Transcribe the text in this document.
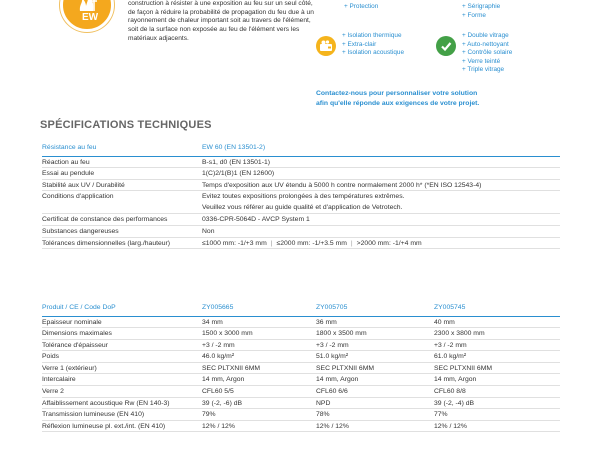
EW
construction à résister à une exposition au feu sur un seul côté, de façon à réduire la probabilité de propagation du feu due à un rayonnement de chaleur important soit au travers de l'élément, soit de la surface non exposée au feu de l'élément vers les matériaux adjacents.
+ Protection	+ Sérigraphie
+ Forme
+ Isolation thermique
+ Extra-clair
+ Isolation acoustique
+ Double vitrage
+ Auto-nettoyant
+ Contrôle solaire
+ Verre teinté
+ Triple vitrage
Contactez-nous pour personnaliser votre solution
afin qu'elle réponde aux exigences de votre projet.
SPÉCIFICATIONS TECHNIQUES
Résistance au feu	EW 60 (EN 13501-2)
Réaction au feu	B-s1, d0 (EN 13501-1)
Essai au pendule	1(C)2/1(B)1 (EN 12600)
Stabilité aux UV / Durabilité	Temps d'exposition aux UV étendu à 5000 h contre normalement 2000 h* (*EN ISO 12543-4)
Conditions d'application	Evitez toutes expositions prolongées à des températures extrêmes.
	Veuillez vous référer au guide qualité et d'application de Vetrotech.
Certificat de constance des performances	0336-CPR-5064D - AVCP System 1
Substances dangereuses	Non
Tolérances dimensionnelles (larg./hauteur)	≤1000 mm: -1/+3 mm | ≤2000 mm: -1/+3.5 mm | >2000 mm: -1/+4 mm
Produit / CE / Code DoP	ZY005665	ZY005705	ZY005745
Epaisseur nominale	34 mm	36 mm	40 mm
Dimensions maximales	1500 x 3000 mm	1800 x 3500 mm	2300 x 3800 mm
Tolérance d'épaisseur	+3 / -2 mm	+3 / -2 mm	+3 / -2 mm
Poids	46.0 kg/m²	51.0 kg/m²	61.0 kg/m²
Verre 1 (extérieur)	SEC PLTXNII 6MM	SEC PLTXNII 6MM	SEC PLTXNII 6MM
Intercalaire	14 mm, Argon	14 mm, Argon	14 mm, Argon
Verre 2	CFL60 5/5	CFL60 6/6	CFL60 8/8
Affaiblissement acoustique Rw (EN 140-3)	39 (-2, -6) dB	NPD	39 (-2, -4) dB
Transmission lumineuse (EN 410)	79%	78%	77%
Réflexion lumineuse pl. ext./int. (EN 410)	12% / 12%	12% / 12%	12% / 12%
